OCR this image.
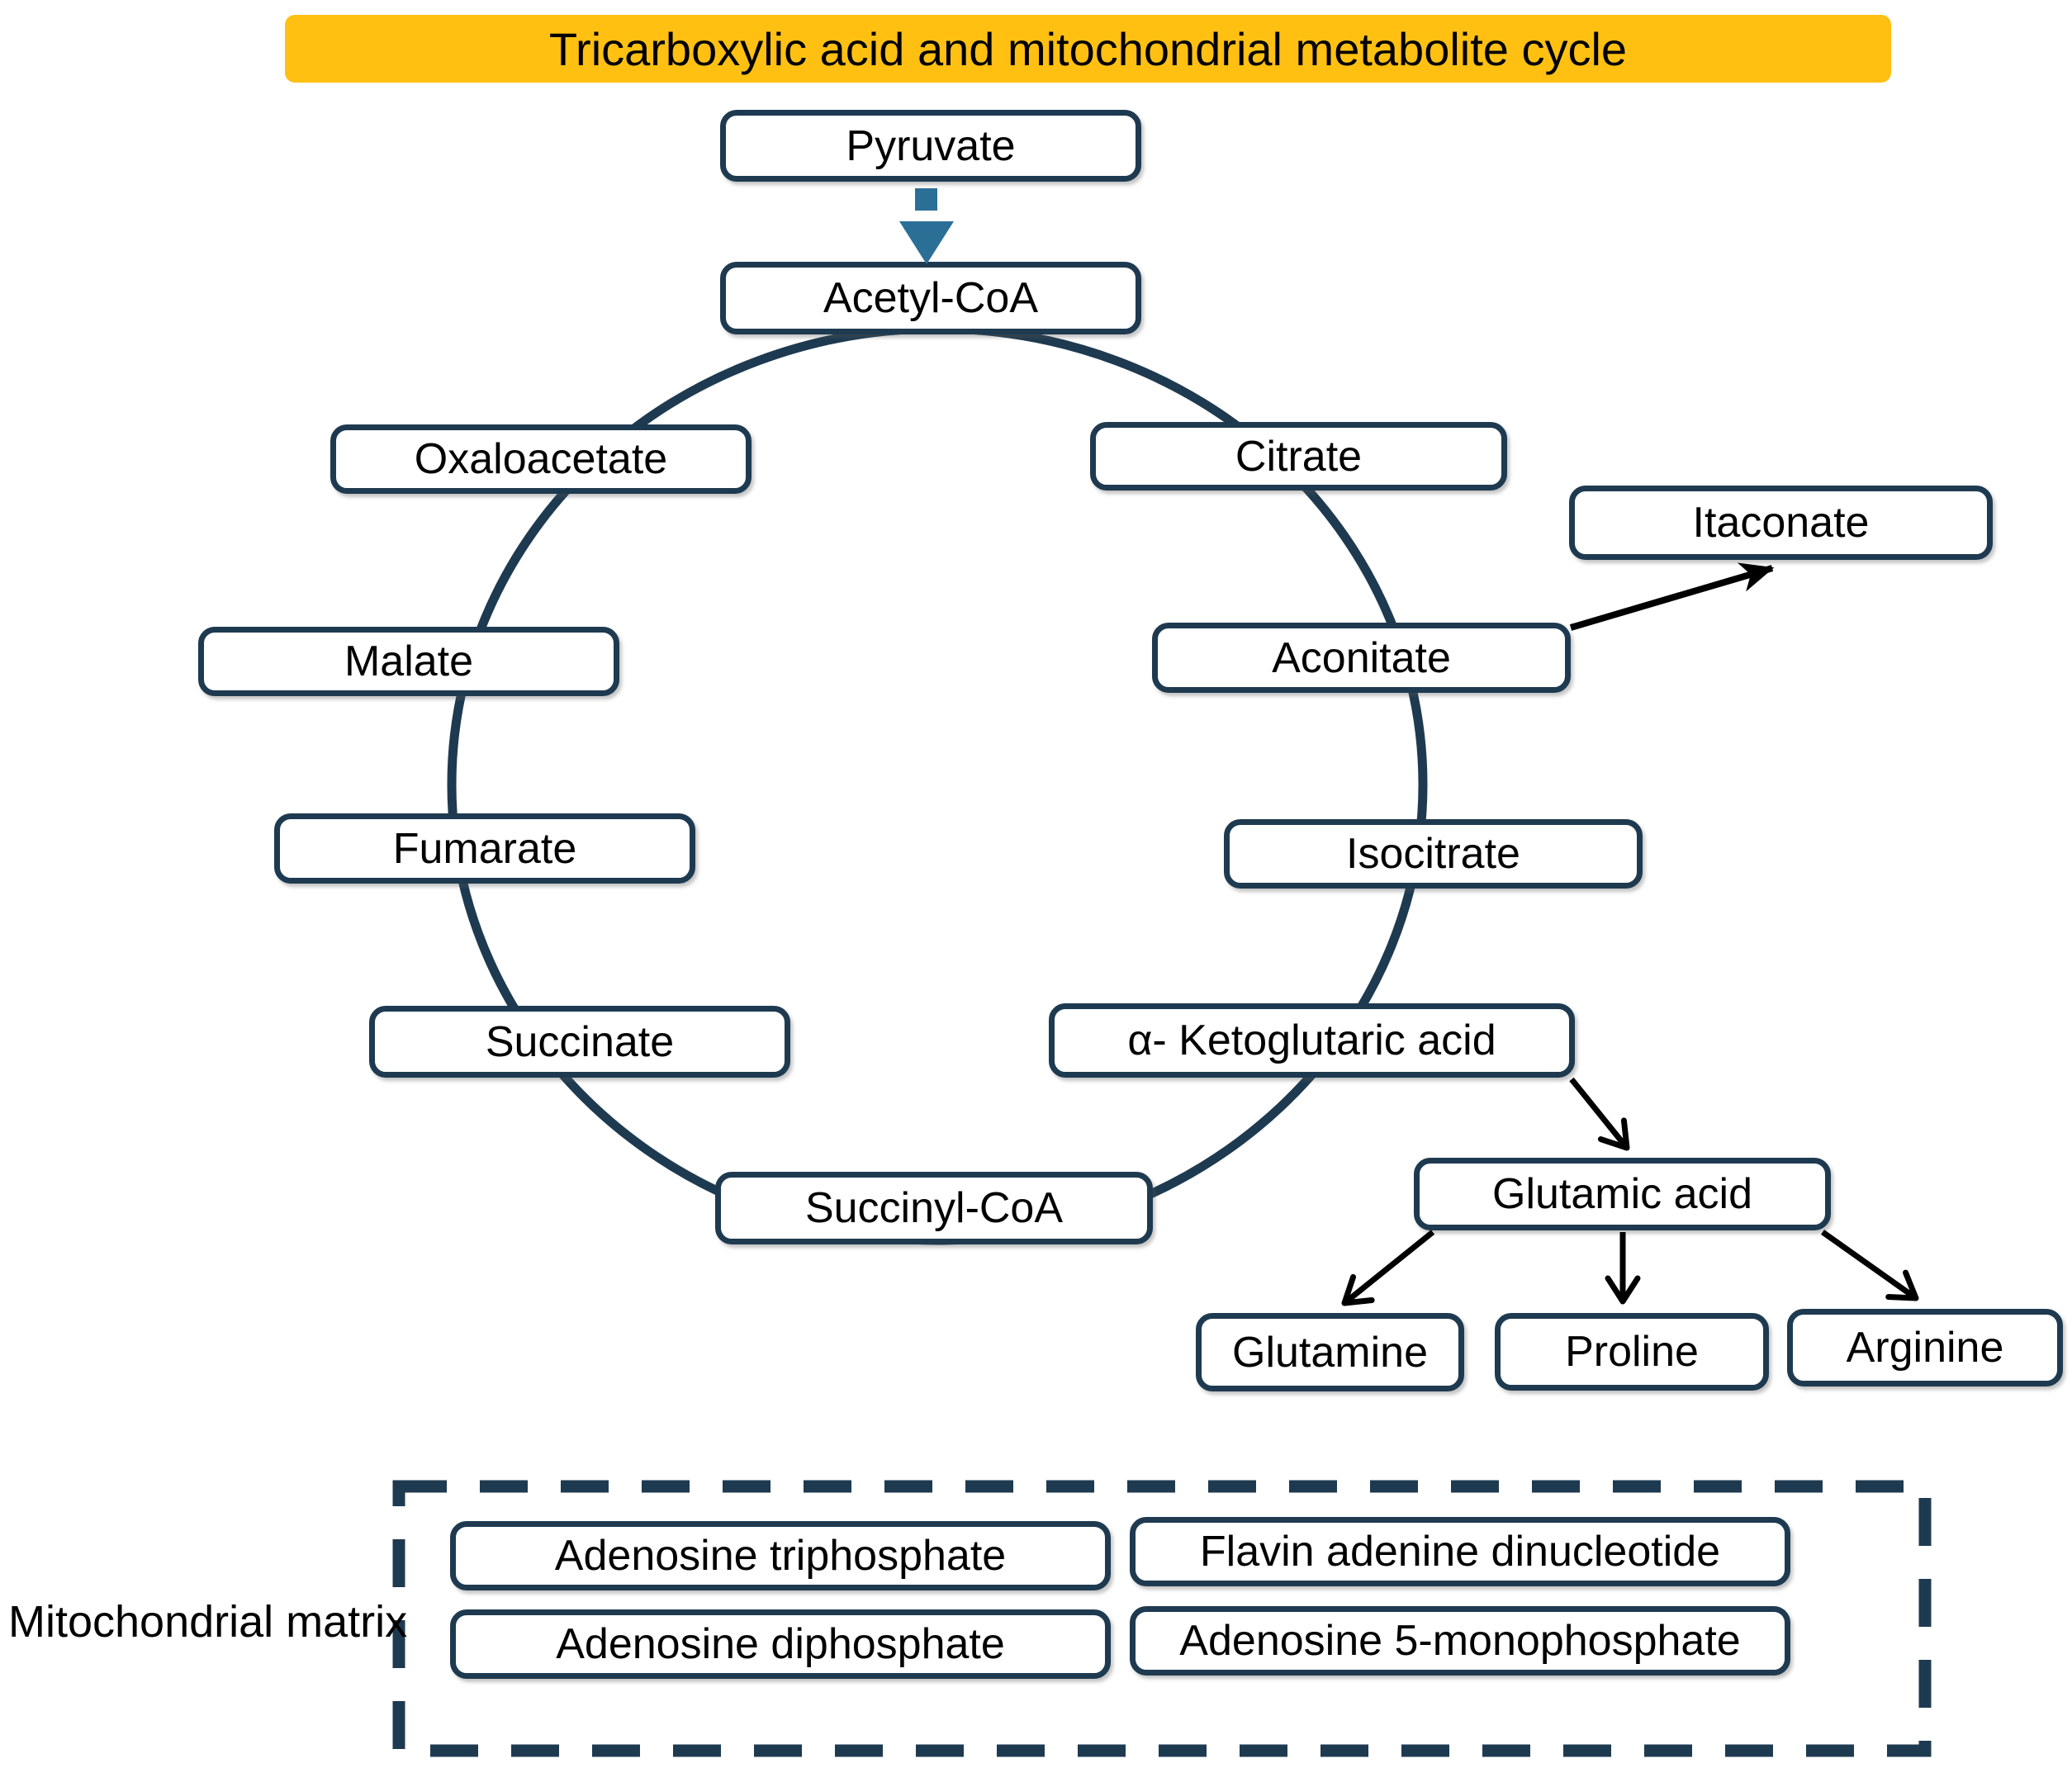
Tricarboxylic acid and mitochondrial metabolite cycle
Pyruvate
Acetyl-CoA
Oxaloacetate	Citrate
Itaconate
Malate	Aconitate
Fumarate	Isocitrate
Succinate	α- Ketoglutaric acid
Succinyl-CoA	Glutamic acid
Glutamine	Proline	Arginine
Mitochondrial matrix
Adenosine triphosphate	Flavin adenine dinucleotide
Adenosine diphosphate	Adenosine 5-monophosphate
